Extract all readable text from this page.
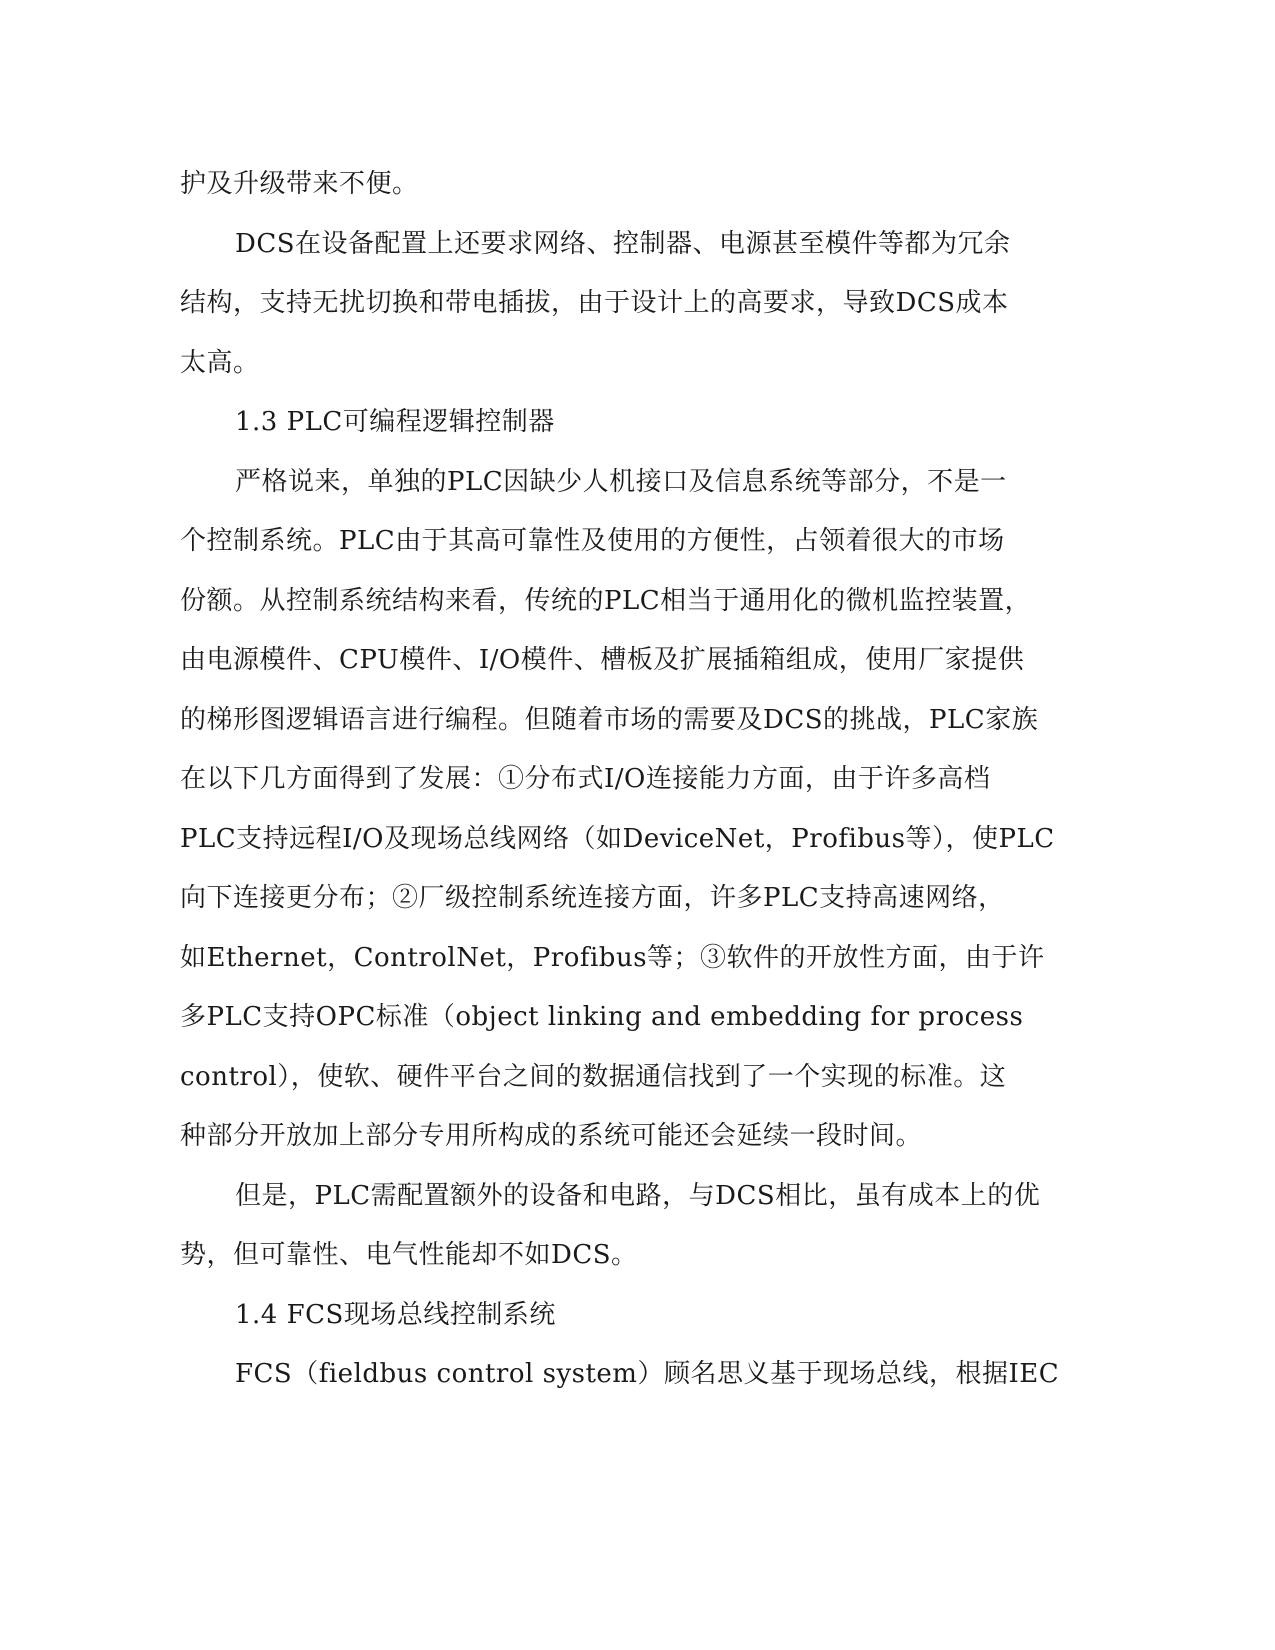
护及升级带来不便。
DCS在设备配置上还要求网络、控制器、电源甚至模件等都为冗余
结构，支持无扰切换和带电插拔，由于设计上的高要求，导致DCS成本
太高。
1.3 PLC可编程逻辑控制器
严格说来，单独的PLC因缺少人机接口及信息系统等部分，不是一
个控制系统。PLC由于其高可靠性及使用的方便性，占领着很大的市场
份额。从控制系统结构来看，传统的PLC相当于通用化的微机监控装置，
由电源模件、CPU模件、I/O模件、槽板及扩展插箱组成，使用厂家提供
的梯形图逻辑语言进行编程。但随着市场的需要及DCS的挑战，PLC家族
在以下几方面得到了发展：①分布式I/O连接能力方面，由于许多高档
PLC支持远程I/O及现场总线网络（如DeviceNet，Profibus等），使PLC
向下连接更分布；②厂级控制系统连接方面，许多PLC支持高速网络，
如Ethernet，ControlNet，Profibus等；③软件的开放性方面，由于许
多PLC支持OPC标准（object linking and embedding for process
control），使软、硬件平台之间的数据通信找到了一个实现的标准。这
种部分开放加上部分专用所构成的系统可能还会延续一段时间。
但是，PLC需配置额外的设备和电路，与DCS相比，虽有成本上的优
势，但可靠性、电气性能却不如DCS。
1.4 FCS现场总线控制系统
FCS（fieldbus control system）顾名思义基于现场总线，根据IEC
